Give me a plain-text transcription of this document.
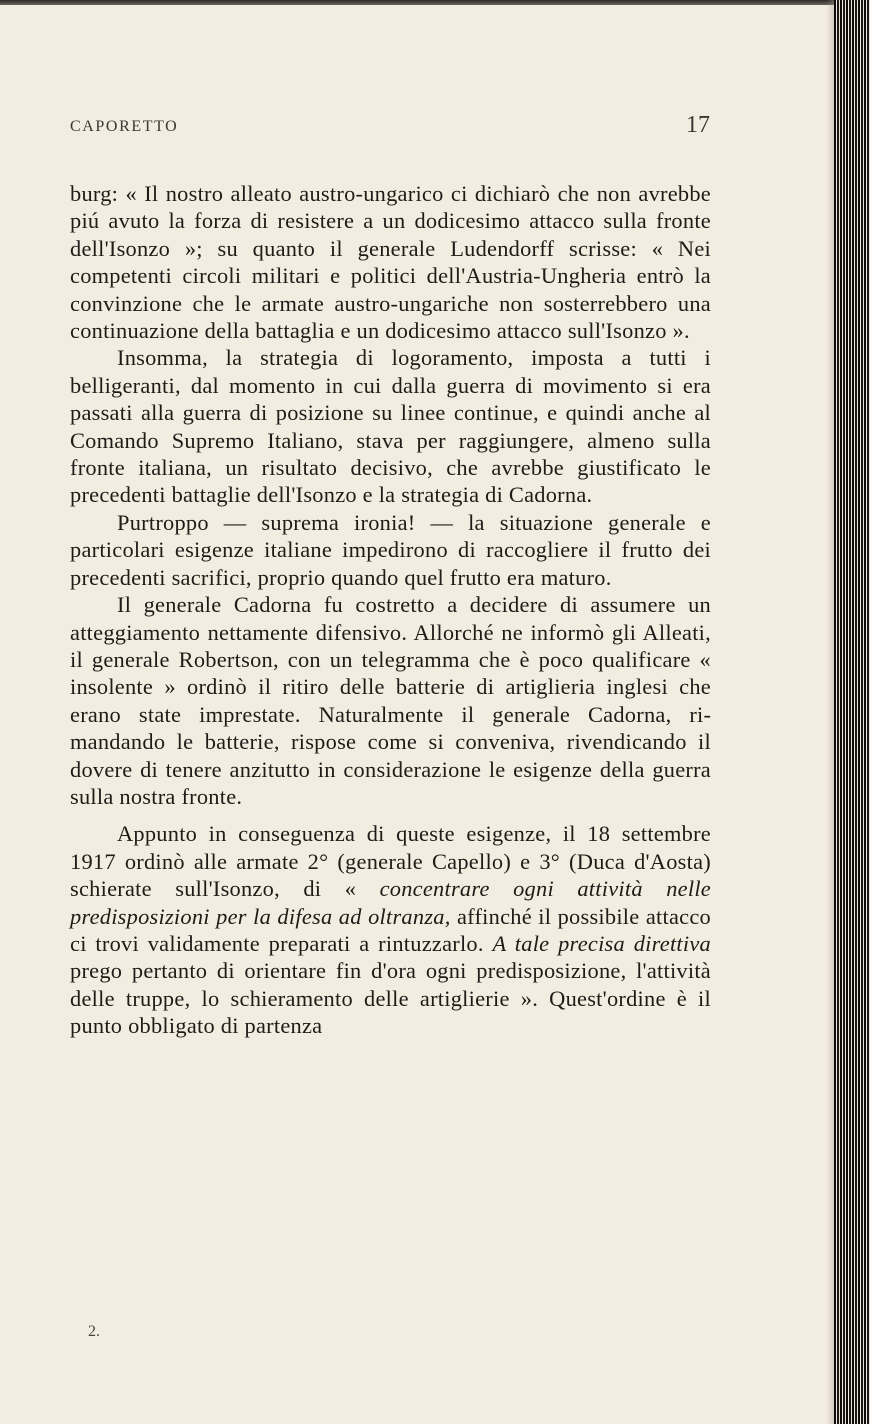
CAPORETTO	17

burg: « Il nostro alleato austro-ungarico ci dichiarò che non avrebbe piú avuto la forza di resistere a un dodicesimo attacco sulla fronte dell'Isonzo »; su quanto il generale Ludendorff scrisse: « Nei competenti circoli militari e politici dell'Austria-Ungheria entrò la convinzione che le armate austro-ungariche non sosterrebbero una continuazione della battaglia e un dodicesimo attacco sull'Isonzo ».

Insomma, la strategia di logoramento, imposta a tutti i belligeranti, dal momento in cui dalla guerra di movimento si era passati alla guerra di posizione su linee continue, e quindi anche al Comando Supremo Italiano, stava per raggiungere, almeno sulla fronte italiana, un risultato decisivo, che avrebbe giustificato le precedenti battaglie dell'Isonzo e la strategia di Cadorna.

Purtroppo — suprema ironia! — la situazione generale e particolari esigenze italiane impedirono di raccogliere il frutto dei precedenti sacrifici, proprio quando quel frutto era maturo.

Il generale Cadorna fu costretto a decidere di assumere un atteggiamento nettamente difensivo. Allorché ne informò gli Alleati, il generale Robertson, con un telegramma che è poco qualificare « insolente » ordinò il ritiro delle batterie di artiglieria inglesi che erano state imprestate. Naturalmente il generale Cadorna, rimandando le batterie, rispose come si conveniva, rivendicando il dovere di tenere anzitutto in considerazione le esigenze della guerra sulla nostra fronte.

Appunto in conseguenza di queste esigenze, il 18 settembre 1917 ordinò alle armate 2° (generale Capello) e 3° (Duca d'Aosta) schierate sull'Isonzo, di « concentrare ogni attività nelle predisposizioni per la difesa ad oltranza, affinché il possibile attacco ci trovi validamente preparati a rintuzzarlo. A tale precisa direttiva prego pertanto di orientare fin d'ora ogni predisposizione, l'attività delle truppe, lo schieramento delle artiglierie ». Quest'ordine è il punto obbligato di partenza

2.
